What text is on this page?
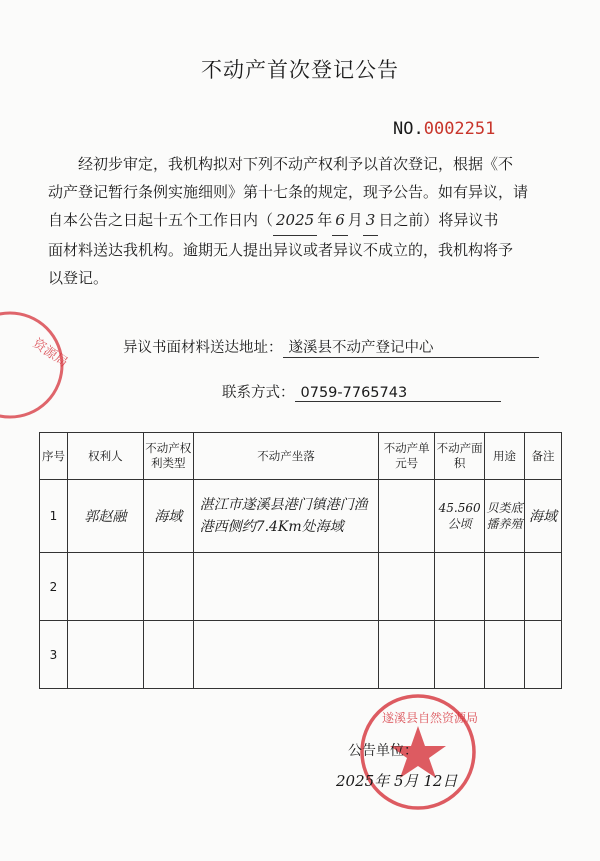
不动产首次登记公告
NO.0002251

经初步审定，我机构拟对下列不动产权利予以首次登记，根据《不

动产登记暂行条例实施细则》第十七条的规定，现予公告。如有异议，请

自本公告之日起十五个工作日内（ 2025 年 6 月 3 日之前）将异议书

面材料送达我机构。逾期无人提出异议或者异议不成立的，我机构将予

以登记。

异议书面材料送达地址： 遂溪县不动产登记中心
联系方式： 0759-7765743
序号	权利人	不动产权利类型	不动产坐落	不动产单元号	不动产面 积	用途	备注
1	郭赵融	海域	湛江市遂溪县港门镇港门渔港西侧约7.4Km处海域		45.560公顷	贝类底播养殖	海域
2							
3							
资源局
遂溪县自然资源局
公告单位：
2025年 5月 12日
